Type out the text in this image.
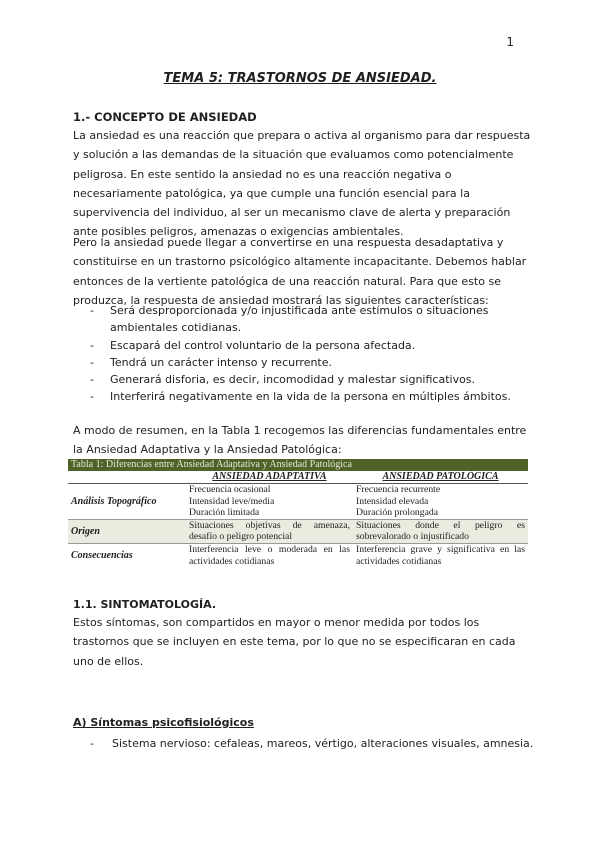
1
TEMA 5: TRASTORNOS DE ANSIEDAD.
1.- CONCEPTO DE ANSIEDAD
La ansiedad es una reacción que prepara o activa al organismo para dar respuesta y solución a las demandas de la situación que evaluamos como potencialmente peligrosa. En este sentido la ansiedad no es una reacción negativa o necesariamente patológica, ya que cumple una función esencial para la supervivencia del individuo, al ser un mecanismo clave de alerta y preparación ante posibles peligros, amenazas o exigencias ambientales.
Pero la ansiedad puede llegar a convertirse en una respuesta desadaptativa y constituirse en un trastorno psicológico altamente incapacitante. Debemos hablar entonces de la vertiente patológica de una reacción natural. Para que esto se produzca, la respuesta de ansiedad mostrará las siguientes características:
- Será desproporcionada y/o injustificada ante estímulos o situaciones ambientales cotidianas.
- Escapará del control voluntario de la persona afectada.
- Tendrá un carácter intenso y recurrente.
- Generará disforia, es decir, incomodidad y malestar significativos.
- Interferirá negativamente en la vida de la persona en múltiples ámbitos.
A modo de resumen, en la Tabla 1 recogemos las diferencias fundamentales entre la Ansiedad Adaptativa y la Ansiedad Patológica:
Tabla 1: Diferencias entre Ansiedad Adaptativa y Ansiedad Patológica		
	ANSIEDAD ADAPTATIVA	ANSIEDAD PATOLÓGICA
Análisis Topográfico	Frecuencia ocasional	Frecuencia recurrente
	Intensidad leve/media	Intensidad elevada
	Duración limitada	Duración prolongada
Origen	Situaciones objetivas de amenaza, desafío o peligro potencial	Situaciones donde el peligro es sobrevalorado o injustificado
Consecuencias	Interferencia leve o moderada en las actividades cotidianas	Interferencia grave y significativa en las actividades cotidianas
1.1. SINTOMATOLOGÍA.
Estos síntomas, son compartidos en mayor o menor medida por todos los trastornos que se incluyen en este tema, por lo que no se especificaran en cada uno de ellos.
A) Síntomas psicofisiológicos
- Sistema nervioso: cefaleas, mareos, vértigo, alteraciones visuales, amnesia.
